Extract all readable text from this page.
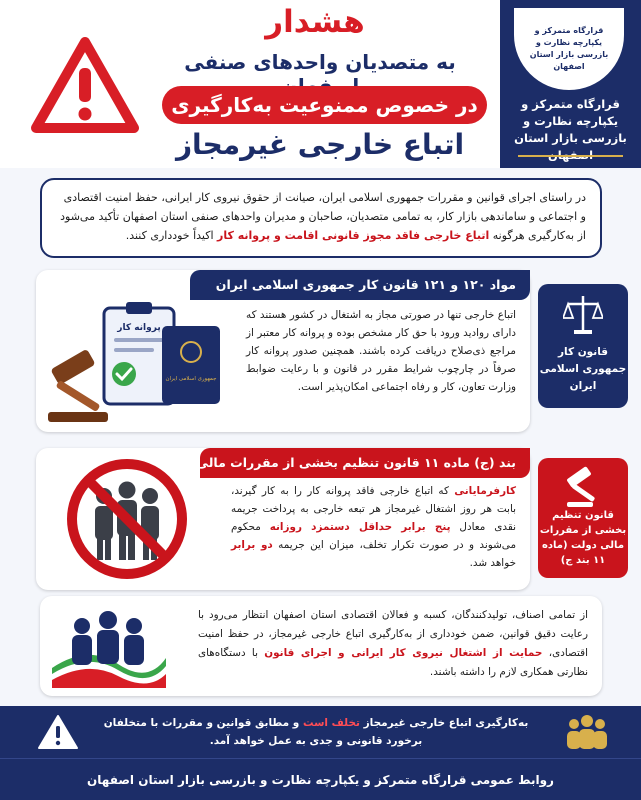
هشدار
به متصدیان واحدهای صنفی
در خصوص ممنوعیت به‌کارگیری
اتباع خارجی غیرمجاز
قرارگاه متمرکز و یکپارچه نظارت و بازرسی بازار استان اصفهان
قرارگاه متمرکز و یکپارچه نظارت و بازرسی بازار استان
در راستای اجرای قوانین و مقررات جمهوری اسلامی ایران، صیانت از حقوق نیروی کار ایرانی، حفظ امنیت اقتصادی و اجتماعی و ساماندهی بازار کار، به تمامی متصدیان، صاحبان و مدیران واحدهای صنفی استان اصفهان تأکید می‌شود از به‌کارگیری هرگونه اتباع خارجی فاقد مجوز قانونی اقامت و پروانه کار اکیداً خودداری کنند.
مواد ۱۲۰ و ۱۲۱ قانون کار جمهوری اسلامی ایران
اتباع خارجی تنها در صورتی مجاز به اشتغال در کشور هستند که دارای روادید ورود با حق کار مشخص بوده و پروانه کار معتبر از مراجع ذی‌صلاح دریافت کرده باشند. همچنین صدور پروانه کار صرفاً در چارچوب شرایط مقرر در قانون و با رعایت ضوابط وزارت تعاون، کار و رفاه اجتماعی امکان‌پذیر است.
پروانه کار
جمهوری اسلامی ایران
قانون کار جمهوری اسلامی ایران
بند (ج) ماده ۱۱ قانون تنظیم بخشی از مقررات مالی دولت
کارفرمایانی که اتباع خارجی فاقد پروانه کار را به کار گیرند، بابت هر روز اشتغال غیرمجاز هر تبعه خارجی به پرداخت جریمه نقدی معادل پنج برابر حداقل دستمزد روزانه محکوم می‌شوند و در صورت تکرار تخلف، میزان این جریمه دو برابر خواهد شد.
قانون تنظیم بخشی از مقررات مالی دولت (ماده ۱۱ بند ج)
از تمامی اصناف، تولیدکنندگان، کسبه و فعالان اقتصادی استان اصفهان انتظار می‌رود با رعایت دقیق قوانین، ضمن خودداری از به‌کارگیری اتباع خارجی غیرمجاز، در حفظ امنیت اقتصادی، حمایت از اشتغال نیروی کار ایرانی و اجرای قانون با دستگاه‌های نظارتی همکاری لازم را داشته باشند.
به‌کارگیری اتباع خارجی غیرمجاز تخلف است و مطابق قوانین و مقررات با متخلفان برخورد قانونی و جدی به عمل خواهد آمد.
روابط عمومی قرارگاه متمرکز و یکپارچه نظارت و بازرسی بازار استان اصفهان
